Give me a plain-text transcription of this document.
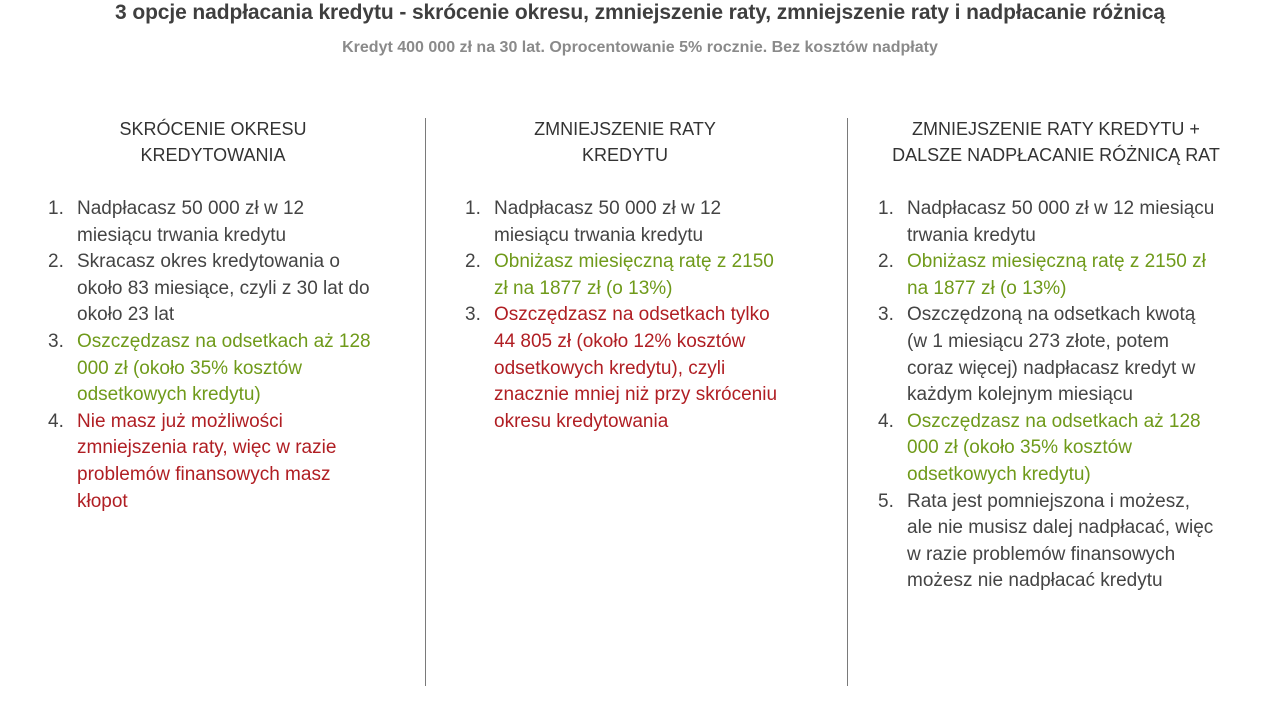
3 opcje nadpłacania kredytu - skrócenie okresu, zmniejszenie raty, zmniejszenie raty i nadpłacanie różnicą
Kredyt 400 000 zł na 30 lat. Oprocentowanie 5% rocznie. Bez kosztów nadpłaty
SKRÓCENIE OKRESU
KREDYTOWANIA
1. Nadpłacasz 50 000 zł w 12 miesiącu trwania kredytu
2. Skracasz okres kredytowania o około 83 miesiące, czyli z 30 lat do około 23 lat
3. Oszczędzasz na odsetkach aż 128 000 zł (około 35% kosztów odsetkowych kredytu)
4. Nie masz już możliwości zmniejszenia raty, więc w razie problemów finansowych masz kłopot
ZMNIEJSZENIE RATY
KREDYTU
1. Nadpłacasz 50 000 zł w 12 miesiącu trwania kredytu
2. Obniżasz miesięczną ratę z 2150 zł na 1877 zł (o 13%)
3. Oszczędzasz na odsetkach tylko 44 805 zł (około 12% kosztów odsetkowych kredytu), czyli znacznie mniej niż przy skróceniu okresu kredytowania
ZMNIEJSZENIE RATY KREDYTU +
DALSZE NADPŁACANIE RÓŻNICĄ RAT
1. Nadpłacasz 50 000 zł w 12 miesiącu trwania kredytu
2. Obniżasz miesięczną ratę z 2150 zł na 1877 zł (o 13%)
3. Oszczędzoną na odsetkach kwotą (w 1 miesiącu 273 złote, potem coraz więcej) nadpłacasz kredyt w każdym kolejnym miesiącu
4. Oszczędzasz na odsetkach aż 128 000 zł (około 35% kosztów odsetkowych kredytu)
5. Rata jest pomniejszona i możesz, ale nie musisz dalej nadpłacać, więc w razie problemów finansowych możesz nie nadpłacać kredytu
